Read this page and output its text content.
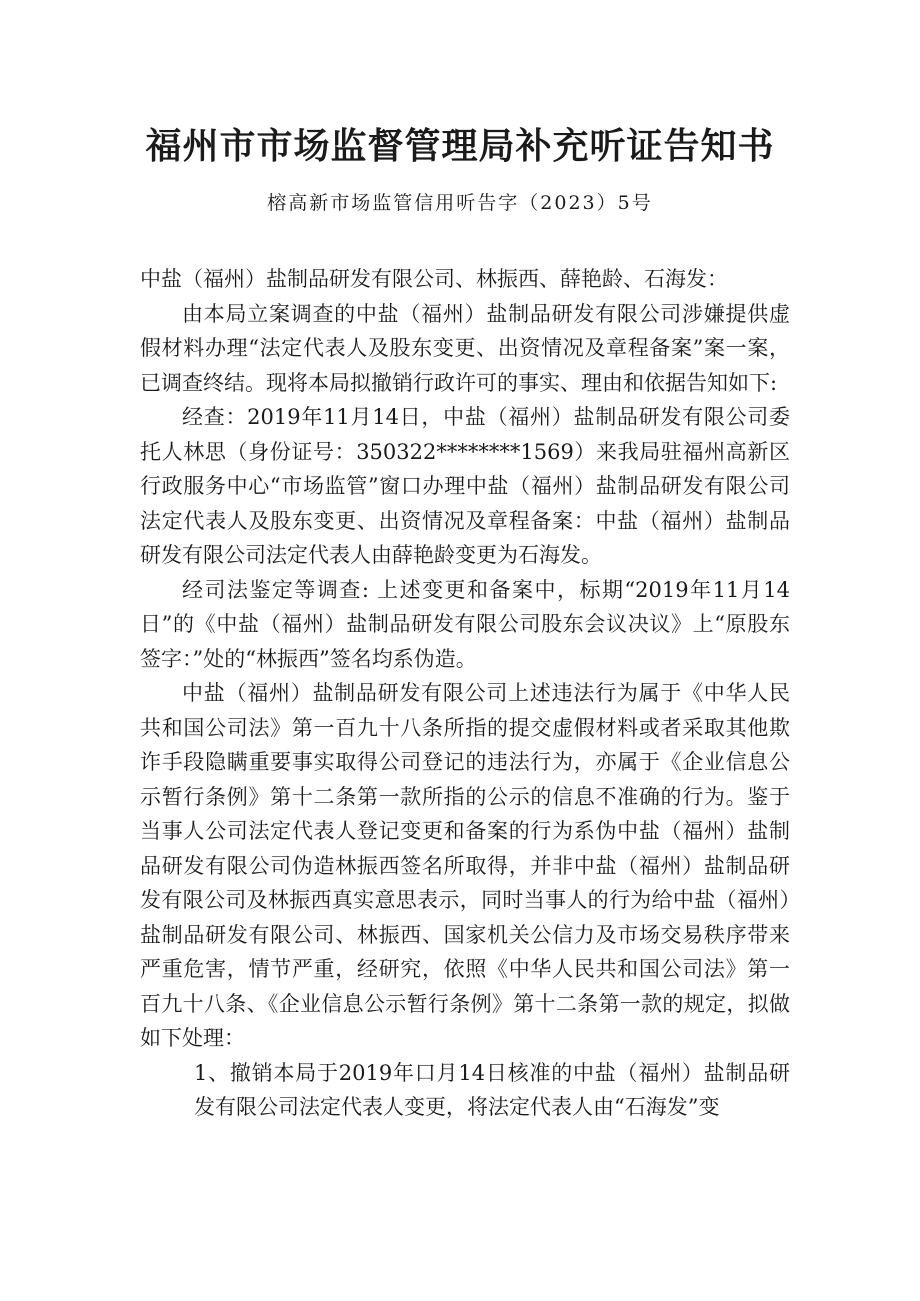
福州市市场监督管理局补充听证告知书
榕高新市场监管信用听告字（2023）5号

中盐（福州）盐制品研发有限公司、林振西、薛艳龄、石海发：

由本局立案调查的中盐（福州）盐制品研发有限公司涉嫌提供虚假材料办理“法定代表人及股东变更、出资情况及章程备案”案一案，已调查终结。现将本局拟撤销行政许可的事实、理由和依据告知如下:

经查：2019年11月14日，中盐（福州）盐制品研发有限公司委托人林思（身份证号：350322********1569）来我局驻福州高新区行政服务中心“市场监管”窗口办理中盐（福州）盐制品研发有限公司法定代表人及股东变更、出资情况及章程备案：中盐（福州）盐制品研发有限公司法定代表人由薛艳龄变更为石海发。

经司法鉴定等调查: 上述变更和备案中，标期“2019年11月14日”的《中盐（福州）盐制品研发有限公司股东会议决议》上“原股东签字：”处的“林振西”签名均系伪造。

中盐（福州）盐制品研发有限公司上述违法行为属于《中华人民共和国公司法》第一百九十八条所指的提交虚假材料或者采取其他欺诈手段隐瞒重要事实取得公司登记的违法行为，亦属于《企业信息公示暂行条例》第十二条第一款所指的公示的信息不准确的行为。鉴于当事人公司法定代表人登记变更和备案的行为系伪中盐（福州）盐制品研发有限公司伪造林振西签名所取得，并非中盐（福州）盐制品研发有限公司及林振西真实意思表示，同时当事人的行为给中盐（福州）盐制品研发有限公司、林振西、国家机关公信力及市场交易秩序带来严重危害，情节严重，经研究，依照《中华人民共和国公司法》第一百九十八条、《企业信息公示暂行条例》第十二条第一款的规定，拟做如下处理：

1、撤销本局于2019年口月14日核准的中盐（福州）盐制品研发有限公司法定代表人变更，将法定代表人由“石海发”变
